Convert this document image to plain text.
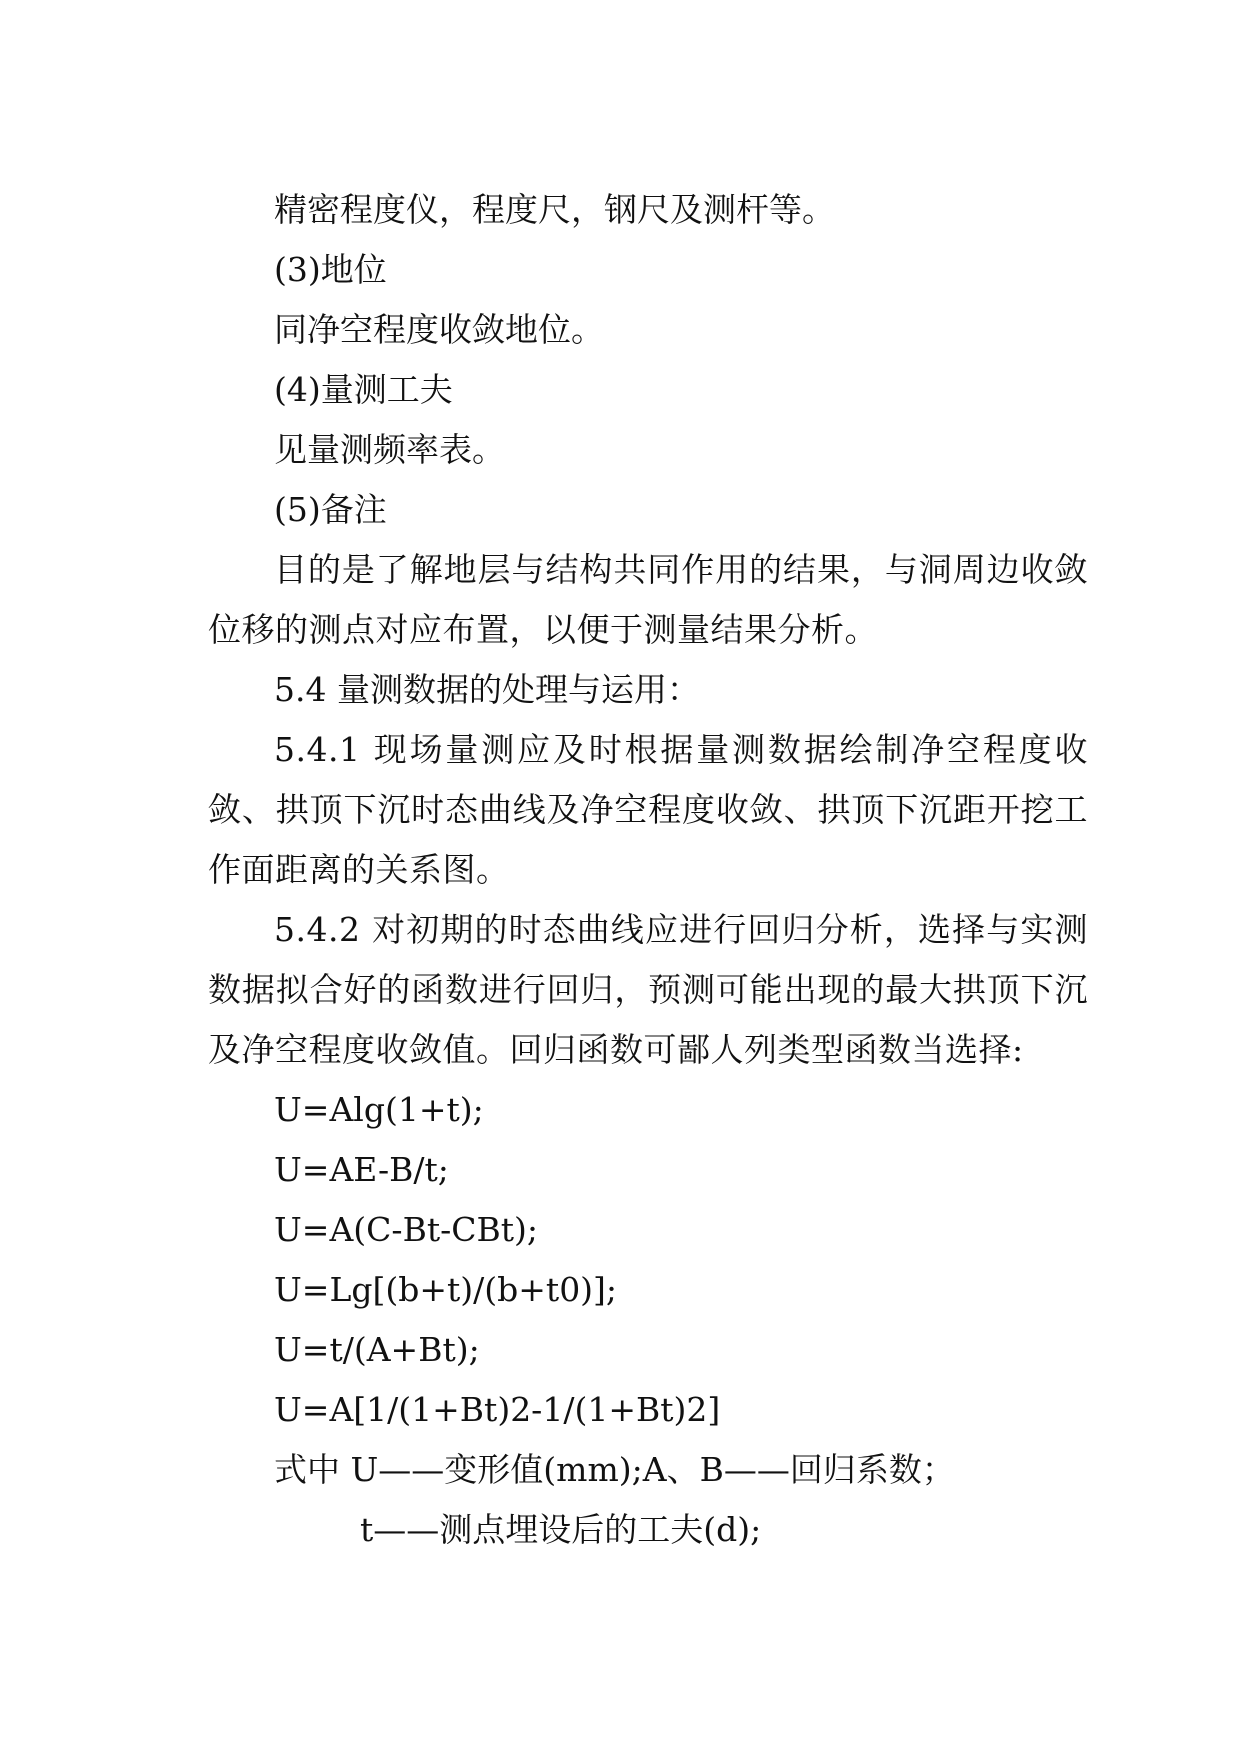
精密程度仪，程度尺，钢尺及测杆等。

(3)地位

同净空程度收敛地位。

(4)量测工夫

见量测频率表。

(5)备注

目的是了解地层与结构共同作用的结果，与洞周边收敛位移的测点对应布置，以便于测量结果分析。

5.4 量测数据的处理与运用：

5.4.1 现场量测应及时根据量测数据绘制净空程度收敛、拱顶下沉时态曲线及净空程度收敛、拱顶下沉距开挖工作面距离的关系图。

5.4.2 对初期的时态曲线应进行回归分析，选择与实测数据拟合好的函数进行回归，预测可能出现的最大拱顶下沉及净空程度收敛值。回归函数可鄙人列类型函数当选择:

U=Alg(1+t);

U=AE-B/t;

U=A(C-Bt-CBt);

U=Lg[(b+t)/(b+t0)];

U=t/(A+Bt);

U=A[1/(1+Bt)2-1/(1+Bt)2]

式中 U——变形值(mm);A、B——回归系数；

t——测点埋设后的工夫(d);
